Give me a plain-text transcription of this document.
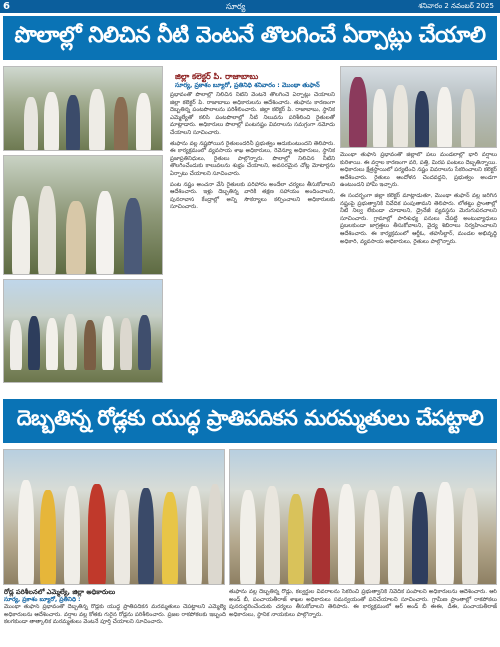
6	సూర్య	శనివారం 2 నవంబర్ 2025
పొలాల్లో నిలిచిన నీటి వెంటనే తొలగించే ఏర్పాట్లు చేయాలి
జిల్లా కలెక్టర్ పి. రాజాబాబు
సూర్య, ప్రకాశం బ్యూరో, ప్రతినిధి శనివారం : మొంథా తుఫాన్

ప్రభావంతో పొలాల్లో నిలిచిన నీటిని వెంటనే తొలగించే ఏర్పాట్లు చేయాలని జిల్లా కలెక్టర్ పి. రాజాబాబు అధికారులను ఆదేశించారు. తుఫాను కారణంగా దెబ్బతిన్న పంటపొలాలను పరిశీలించారు. జిల్లా కలెక్టర్ పి. రాజాబాబు, స్థానిక ఎమ్మెల్యేతో కలిసి పంటపొలాల్లో నీటి నిలువను పరిశీలించి రైతులతో మాట్లాడారు. అధికారులు పొలాల్లో పంటనష్టం వివరాలను సమగ్రంగా నమోదు చేయాలని సూచించారు.

తుఫాను వల్ల నష్టపోయిన రైతులందరినీ ప్రభుత్వం ఆదుకుంటుందని తెలిపారు. ఈ కార్యక్రమంలో వ్యవసాయ శాఖ అధికారులు, రెవెన్యూ అధికారులు, స్థానిక ప్రజాప్రతినిధులు, రైతులు పాల్గొన్నారు. పొలాల్లో నిలిచిన నీటిని తొలగించేందుకు కాలువలను శుభ్రం చేయాలని, అవసరమైన చోట్ల మోటార్లను ఏర్పాటు చేయాలని సూచించారు.

పంట నష్టం అంచనా వేసి రైతులకు పరిహారం అందేలా చర్యలు తీసుకోవాలని ఆదేశించారు. ఇళ్లు దెబ్బతిన్న వారికి తక్షణ సహాయం అందించాలని, పునరావాస కేంద్రాల్లో అన్ని సౌకర్యాలు కల్పించాలని అధికారులకు సూచించారు.

మొంథా తుఫాన్ ప్రభావంతో జిల్లాలో పలు మండలాల్లో భారీ వర్షాలు కురిశాయి. ఈ వర్షాల కారణంగా వరి, పత్తి, మిరప పంటలు దెబ్బతిన్నాయి. అధికారులు క్షేత్రస్థాయిలో పర్యటించి నష్టం వివరాలను సేకరించాలని కలెక్టర్ ఆదేశించారు. రైతులు ఆందోళన చెందవద్దని, ప్రభుత్వం అండగా ఉంటుందని హామీ ఇచ్చారు.

ఈ సందర్భంగా జిల్లా కలెక్టర్ మాట్లాడుతూ, మొంథా తుఫాన్ వల్ల జరిగిన నష్టంపై ప్రభుత్వానికి నివేదిక పంపుతామని తెలిపారు. లోతట్టు ప్రాంతాల్లో నీటి నిల్వ లేకుండా చూడాలని, డ్రైనేజీ వ్యవస్థను మెరుగుపరచాలని సూచించారు. గ్రామాల్లో పారిశుధ్య పనులు చేపట్టి అంటువ్యాధులు ప్రబలకుండా జాగ్రత్తలు తీసుకోవాలని, వైద్య శిబిరాలు నిర్వహించాలని ఆదేశించారు. ఈ కార్యక్రమంలో ఆర్డీఓ, తహసీల్దార్, మండల అభివృద్ధి అధికారి, వ్యవసాయ అధికారులు, రైతులు పాల్గొన్నారు.

దెబ్బతిన్న రోడ్లకు యుద్ధ ప్రాతిపదికన మరమ్మతులు చేపట్టాలి
రోడ్ల పరిశీలనలో ఎమ్మెల్యే, జిల్లా అధికారులు
సూర్య, ప్రకాశం బ్యూరో, ప్రతినిధి :

మొంథా తుఫాన్ ప్రభావంతో దెబ్బతిన్న రోడ్లకు యుద్ధ ప్రాతిపదికన మరమ్మతులు చేపట్టాలని ఎమ్మెల్యే అధికారులను ఆదేశించారు. వర్షాల వల్ల కోతకు గురైన రోడ్లను పరిశీలించారు. ప్రజల రాకపోకలకు ఇబ్బంది కలగకుండా తాత్కాలిక మరమ్మతులు వెంటనే పూర్తి చేయాలని సూచించారు.

తుఫాను వల్ల దెబ్బతిన్న రోడ్లు, కల్వర్టుల వివరాలను సేకరించి ప్రభుత్వానికి నివేదిక పంపాలని అధికారులను ఆదేశించారు. ఆర్ అండ్ బీ, పంచాయతీరాజ్ శాఖల అధికారులు సమన్వయంతో పనిచేయాలని సూచించారు. గ్రామీణ ప్రాంతాల్లో రాకపోకలు పునరుద్ధరించేందుకు చర్యలు తీసుకోవాలని తెలిపారు. ఈ కార్యక్రమంలో ఆర్ అండ్ బీ ఈఈ, డీఈ, పంచాయతీరాజ్ అధికారులు, స్థానిక నాయకులు పాల్గొన్నారు.
